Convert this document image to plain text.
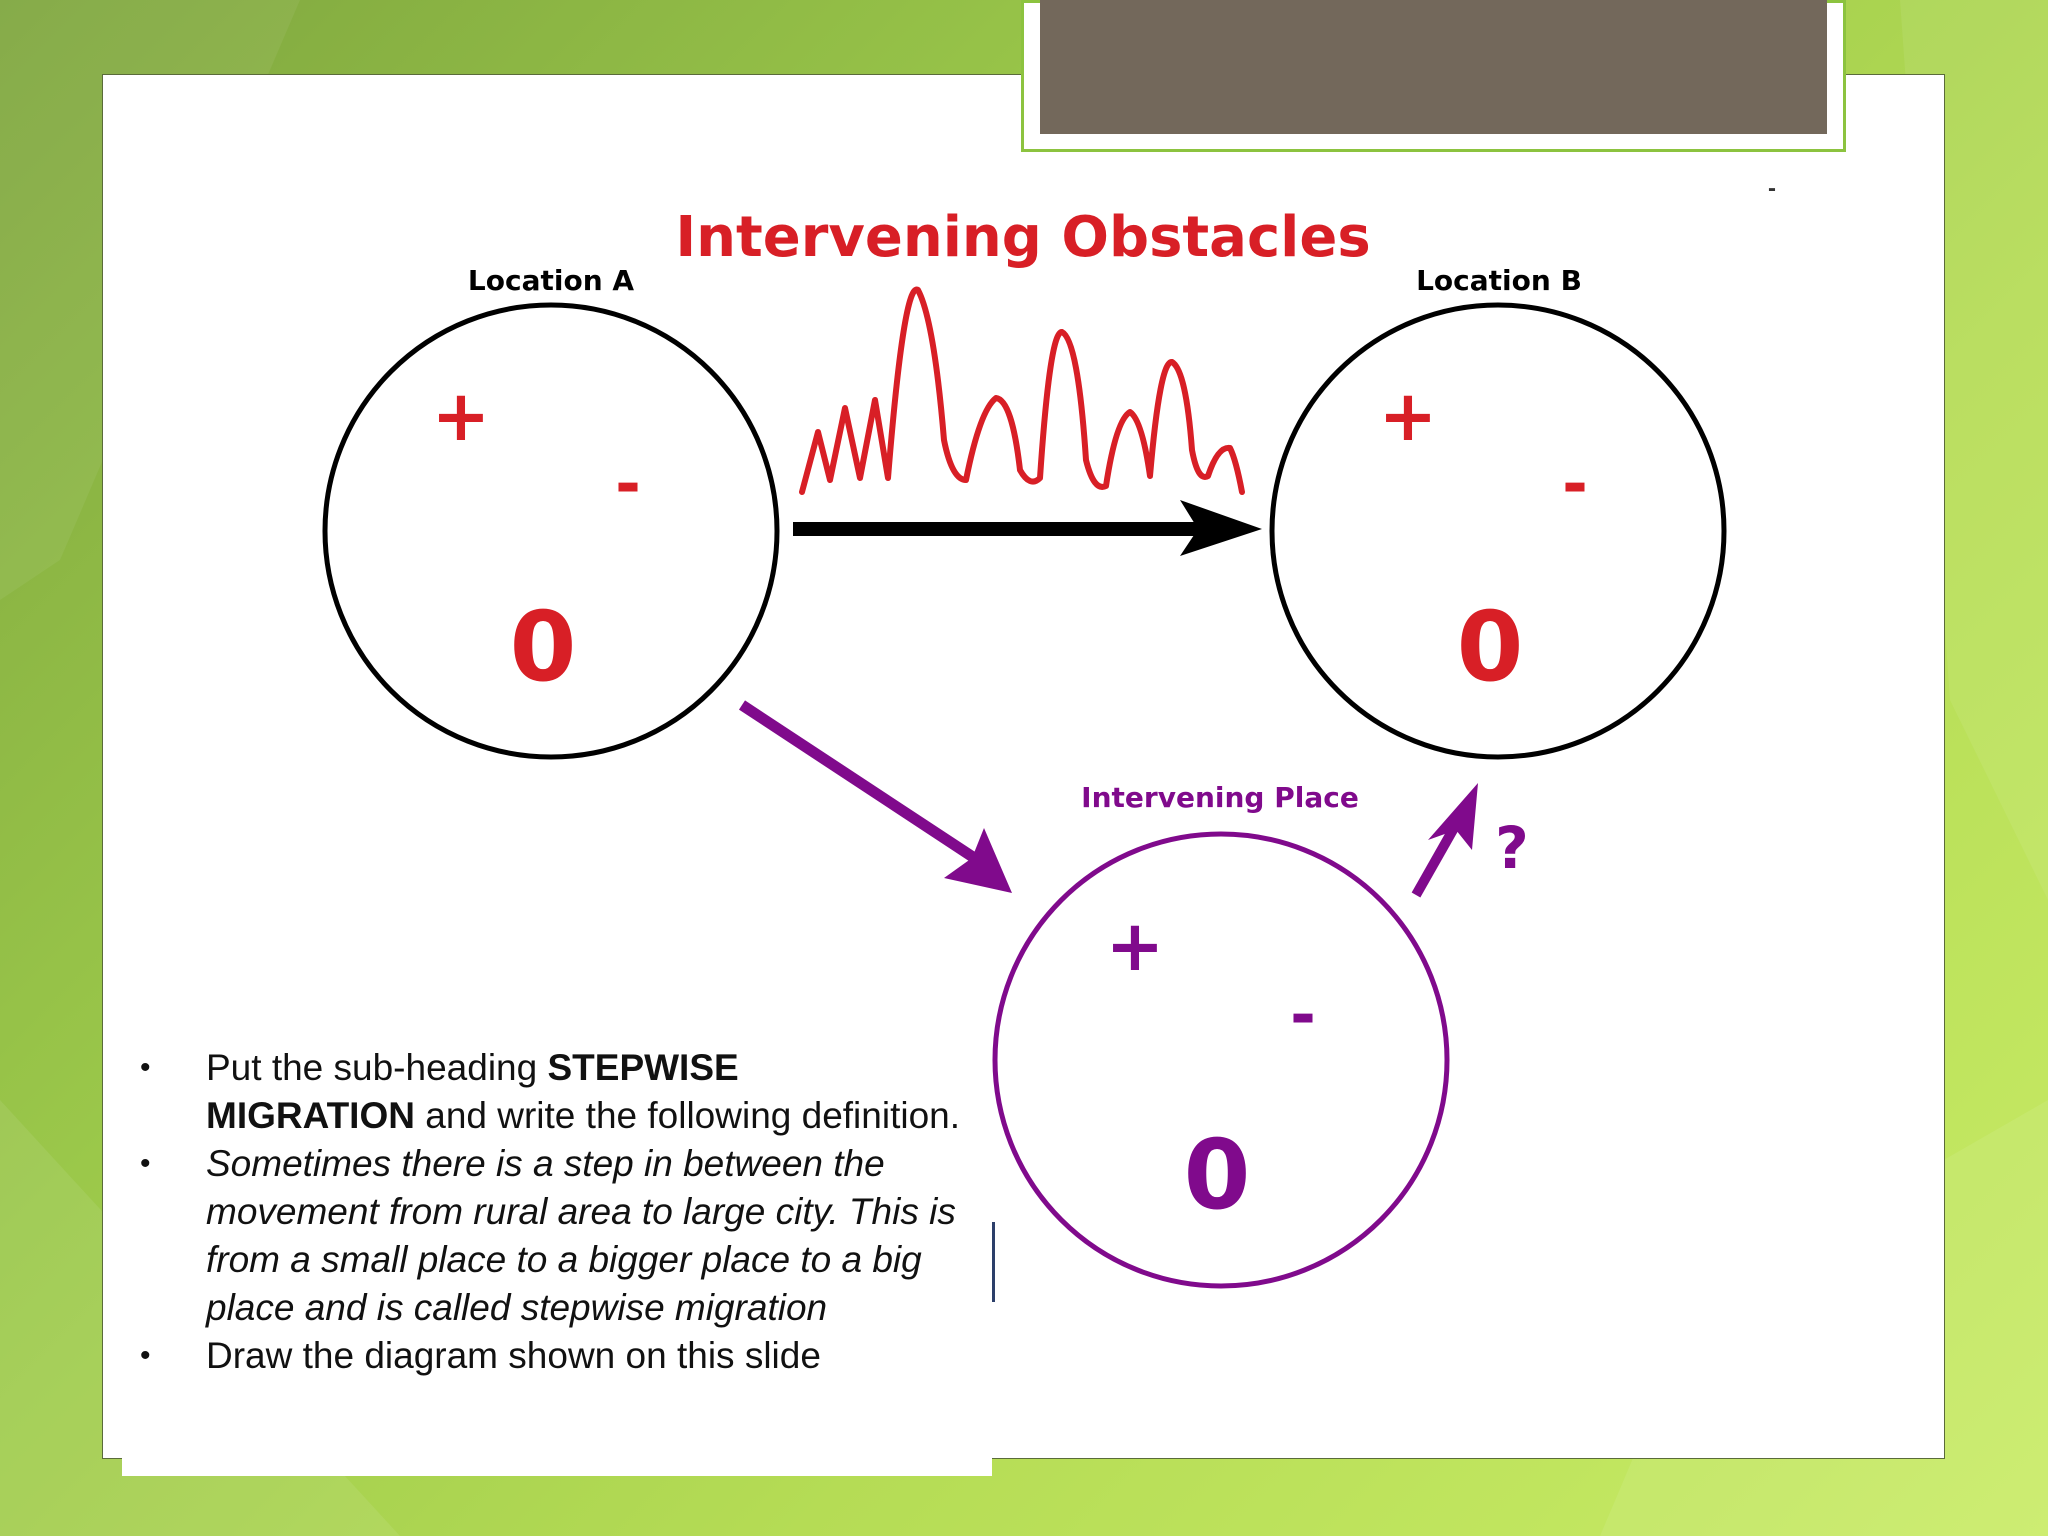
-
Intervening Obstacles
Location A
+
-
0
Location B
+
-
0
?
Intervening Place
+
-
0
• Put the sub-heading STEPWISE
MIGRATION and write the following definition.
• Sometimes there is a step in between the movement from rural area to large city. This is from a small place to a bigger place to a big place and is called stepwise migration
• Draw the diagram shown on this slide
